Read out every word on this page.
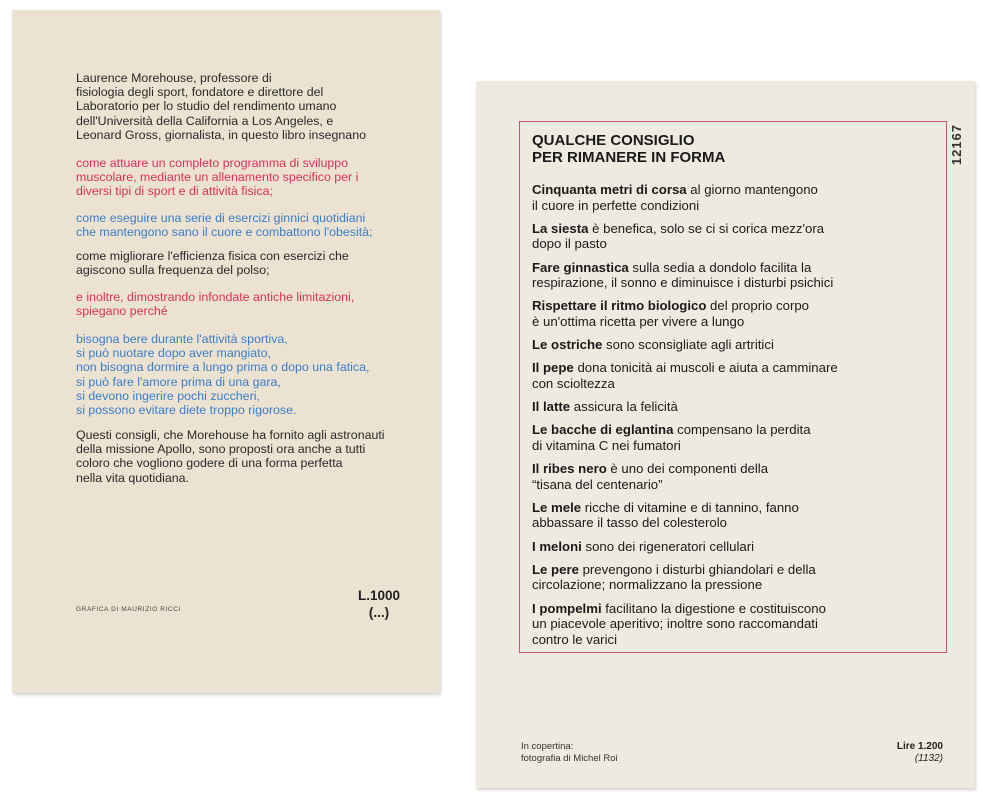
Laurence Morehouse, professore di
fisiologia degli sport, fondatore e direttore del
Laboratorio per lo studio del rendimento umano
dell'Università della California a Los Angeles, e
Leonard Gross, giornalista, in questo libro insegnano
come attuare un completo programma di sviluppo
muscolare, mediante un allenamento specifico per i
diversi tipi di sport e di attività fisica;
come eseguire una serie di esercizi ginnici quotidiani
che mantengono sano il cuore e combattono l'obesità;
come migliorare l'efficienza fisica con esercizi che
agiscono sulla frequenza del polso;
e inoltre, dimostrando infondate antiche limitazioni,
spiegano perché
bisogna bere durante l'attività sportiva,
si può nuotare dopo aver mangiato,
non bisogna dormire a lungo prima o dopo una fatica,
si può fare l'amore prima di una gara,
si devono ingerire pochi zuccheri,
si possono evitare diete troppo rigorose.
Questi consigli, che Morehouse ha fornito agli astronauti
della missione Apollo, sono proposti ora anche a tutti
coloro che vogliono godere di una forma perfetta
nella vita quotidiana.
GRAFICA DI MAURIZIO RICCI
L.1000
(...)
QUALCHE CONSIGLIO
PER RIMANERE IN FORMA	12167
Cinquanta metri di corsa al giorno mantengono
il cuore in perfette condizioni
La siesta è benefica, solo se ci si corica mezz'ora
dopo il pasto
Fare ginnastica sulla sedia a dondolo facilita la
respirazione, il sonno e diminuisce i disturbi psichici
Rispettare il ritmo biologico del proprio corpo
è un'ottima ricetta per vivere a lungo
Le ostriche sono sconsigliate agli artritici
Il pepe dona tonicità ai muscoli e aiuta a camminare
con scioltezza
Il latte assicura la felicità
Le bacche di eglantina compensano la perdita
di vitamina C nei fumatori
Il ribes nero è uno dei componenti della
“tisana del centenario”
Le mele ricche di vitamine e di tannino, fanno
abbassare il tasso del colesterolo
I meloni sono dei rigeneratori cellulari
Le pere prevengono i disturbi ghiandolari e della
circolazione; normalizzano la pressione
I pompelmi facilitano la digestione e costituiscono
un piacevole aperitivo; inoltre sono raccomandati
contro le varici
In copertina:
fotografia di Michel Roi
Lire 1.200
(1132)
